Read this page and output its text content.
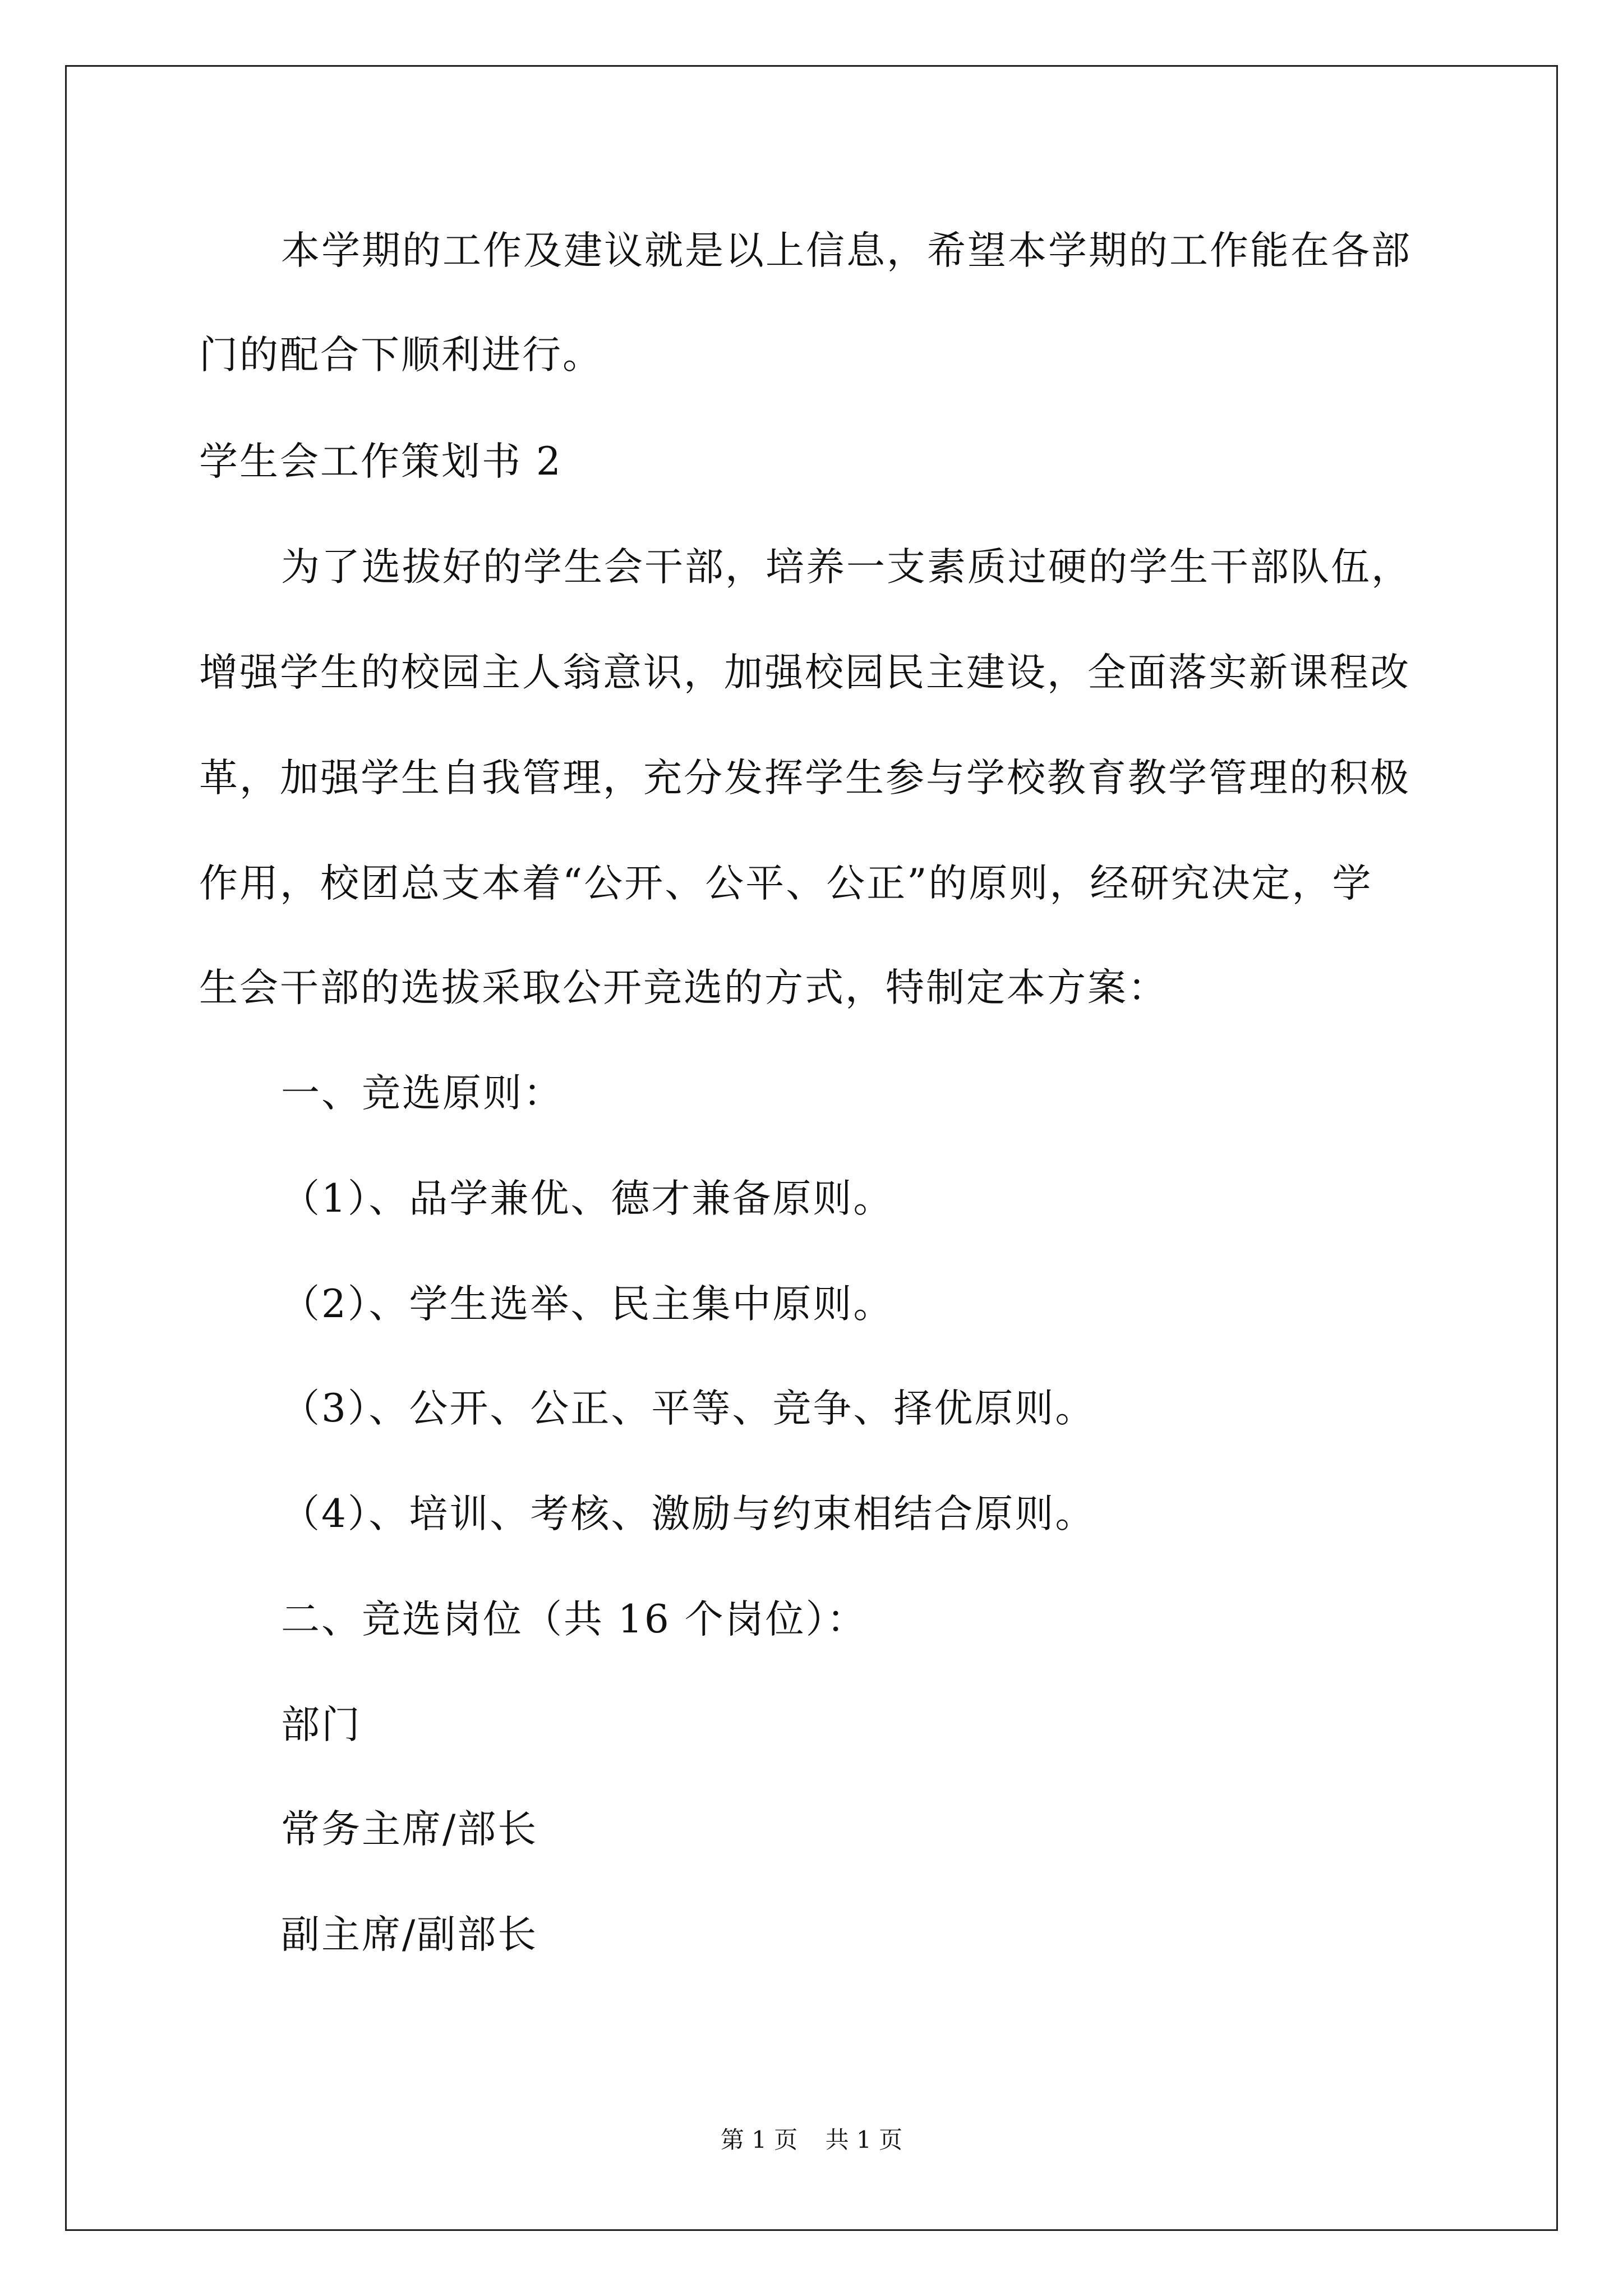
本学期的工作及建议就是以上信息，希望本学期的工作能在各部
门的配合下顺利进行。
学生会工作策划书 2
为了选拔好的学生会干部，培养一支素质过硬的学生干部队伍，
增强学生的校园主人翁意识，加强校园民主建设，全面落实新课程改
革，加强学生自我管理，充分发挥学生参与学校教育教学管理的积极
作用，校团总支本着“公开、公平、公正”的原则，经研究决定，学
生会干部的选拔采取公开竞选的方式，特制定本方案：
一、竞选原则：
（1）、品学兼优、德才兼备原则。
（2）、学生选举、民主集中原则。
（3）、公开、公正、平等、竞争、择优原则。
（4）、培训、考核、激励与约束相结合原则。
二、竞选岗位（共 16 个岗位）：
部门
常务主席/部长
副主席/副部长
第 1 页 共 1 页
